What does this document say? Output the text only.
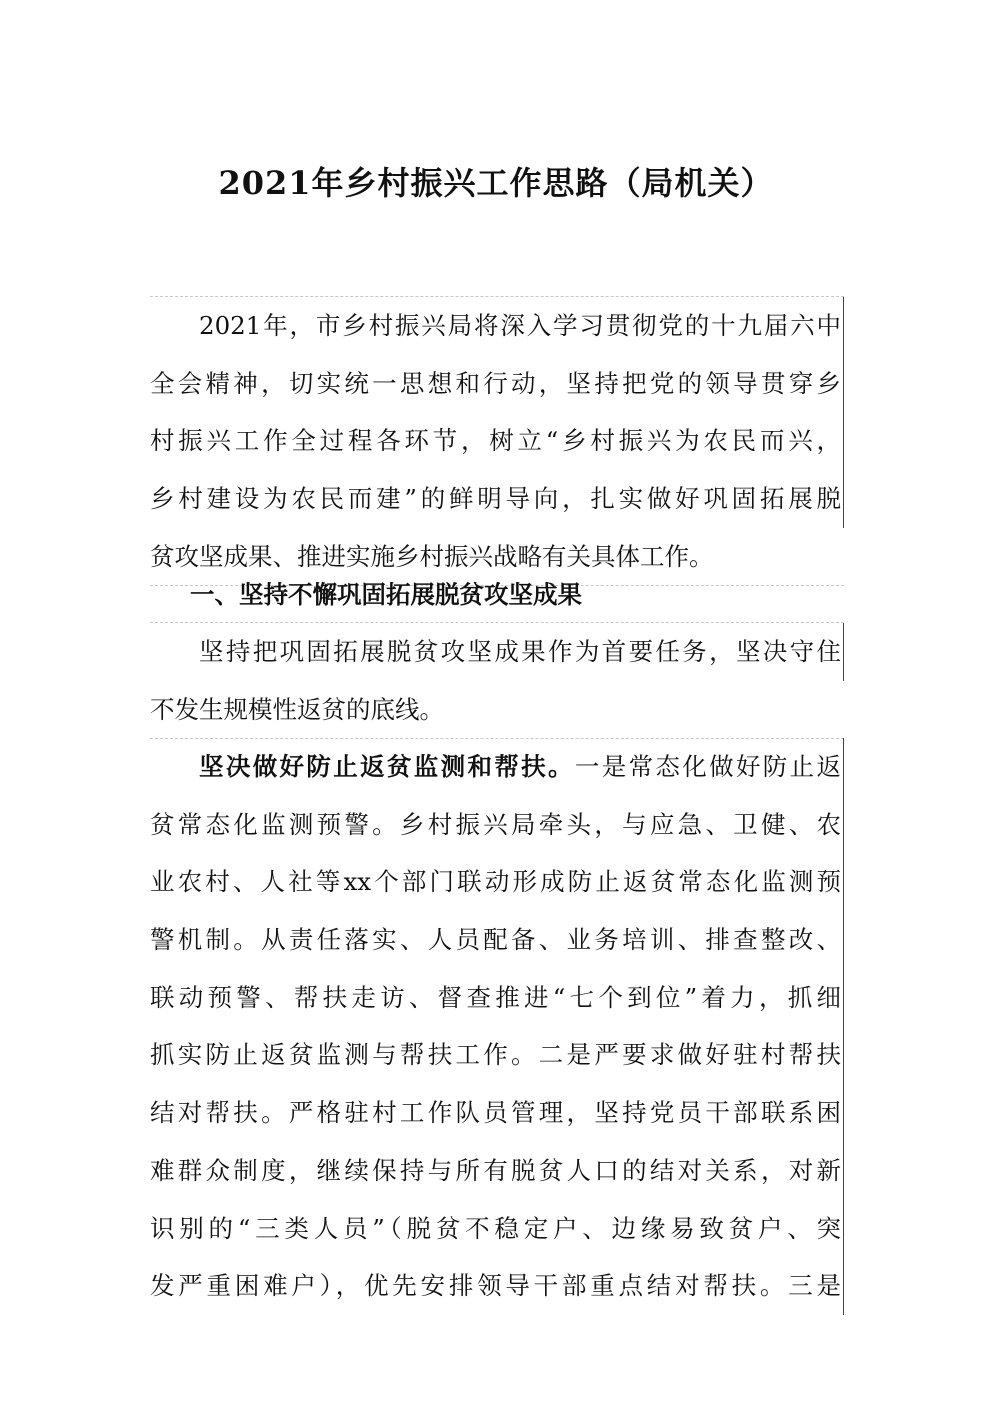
2021年乡村振兴工作思路（局机关）
2021年，市乡村振兴局将深入学习贯彻党的十九届六中
全会精神，切实统一思想和行动，坚持把党的领导贯穿乡
村振兴工作全过程各环节，树立“乡村振兴为农民而兴，
乡村建设为农民而建”的鲜明导向，扎实做好巩固拓展脱
贫攻坚成果、推进实施乡村振兴战略有关具体工作。
一、坚持不懈巩固拓展脱贫攻坚成果
坚持把巩固拓展脱贫攻坚成果作为首要任务，坚决守住
不发生规模性返贫的底线。
坚决做好防止返贫监测和帮扶。一是常态化做好防止返
贫常态化监测预警。乡村振兴局牵头，与应急、卫健、农
业农村、人社等xx个部门联动形成防止返贫常态化监测预
警机制。从责任落实、人员配备、业务培训、排查整改、
联动预警、帮扶走访、督查推进“七个到位”着力，抓细
抓实防止返贫监测与帮扶工作。二是严要求做好驻村帮扶
结对帮扶。严格驻村工作队员管理，坚持党员干部联系困
难群众制度，继续保持与所有脱贫人口的结对关系，对新
识别的“三类人员”（脱贫不稳定户、边缘易致贫户、突
发严重困难户），优先安排领导干部重点结对帮扶。三是
